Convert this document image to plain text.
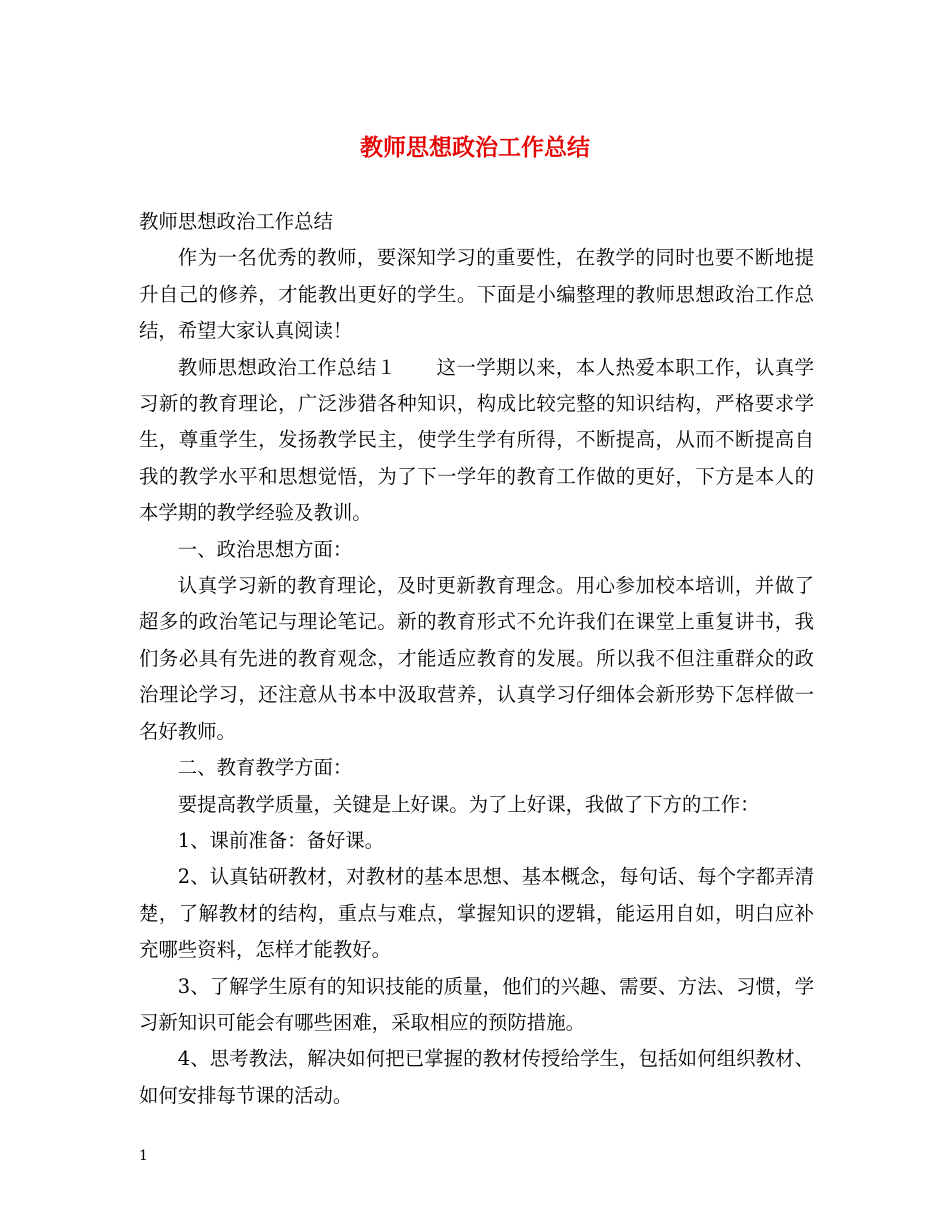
教师思想政治工作总结

教师思想政治工作总结

作为一名优秀的教师，要深知学习的重要性，在教学的同时也要不断地提升自己的修养，才能教出更好的学生。下面是小编整理的教师思想政治工作总结，希望大家认真阅读！

教师思想政治工作总结１　　这一学期以来，本人热爱本职工作，认真学习新的教育理论，广泛涉猎各种知识，构成比较完整的知识结构，严格要求学生，尊重学生，发扬教学民主，使学生学有所得，不断提高，从而不断提高自我的教学水平和思想觉悟，为了下一学年的教育工作做的更好，下方是本人的本学期的教学经验及教训。

一、政治思想方面：

认真学习新的教育理论，及时更新教育理念。用心参加校本培训，并做了超多的政治笔记与理论笔记。新的教育形式不允许我们在课堂上重复讲书，我们务必具有先进的教育观念，才能适应教育的发展。所以我不但注重群众的政治理论学习，还注意从书本中汲取营养，认真学习仔细体会新形势下怎样做一名好教师。

二、教育教学方面：

要提高教学质量，关键是上好课。为了上好课，我做了下方的工作：

1、课前准备：备好课。

2、认真钻研教材，对教材的基本思想、基本概念，每句话、每个字都弄清楚，了解教材的结构，重点与难点，掌握知识的逻辑，能运用自如，明白应补充哪些资料，怎样才能教好。

3、了解学生原有的知识技能的质量，他们的兴趣、需要、方法、习惯，学习新知识可能会有哪些困难，采取相应的预防措施。

4、思考教法，解决如何把已掌握的教材传授给学生，包括如何组织教材、如何安排每节课的活动。

1
